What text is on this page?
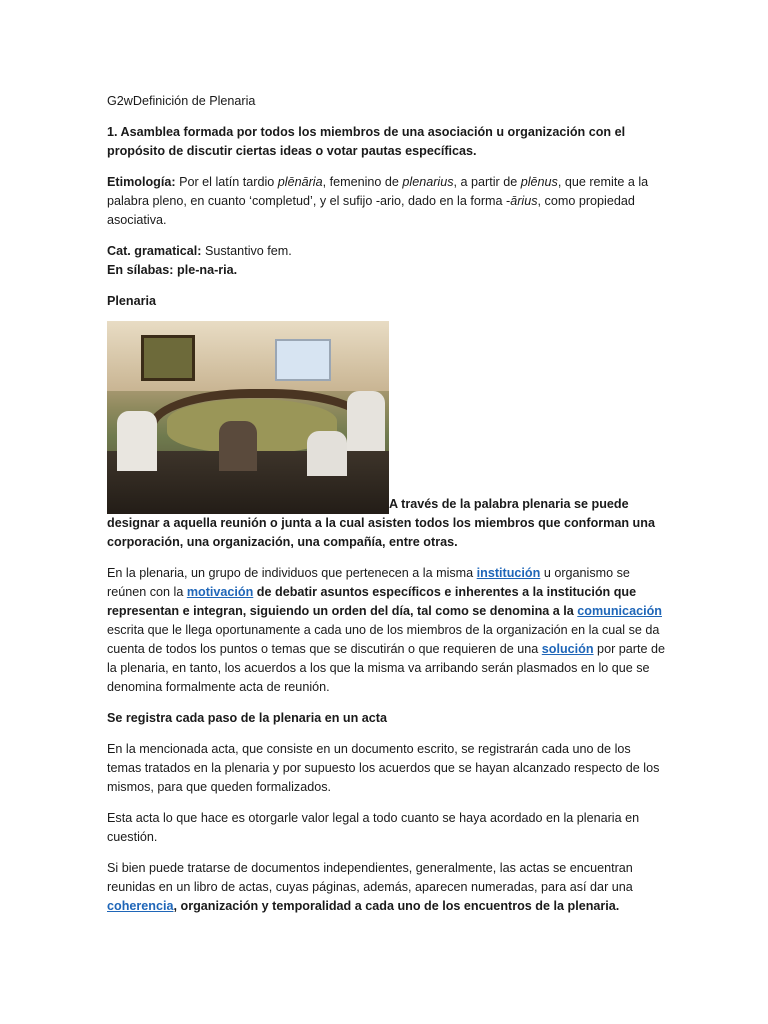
G2wDefinición de Plenaria

1. Asamblea formada por todos los miembros de una asociación u organización con el propósito de discutir ciertas ideas o votar pautas específicas.

Etimología: Por el latín tardio plēnāria, femenino de plenarius, a partir de plēnus, que remite a la palabra pleno, en cuanto ‘completud’, y el sufijo -ario, dado en la forma -ārius, como propiedad asociativa.

Cat. gramatical: Sustantivo fem.
En sílabas: ple-na-ria.

Plenaria

A través de la palabra plenaria se puede designar a aquella reunión o junta a la cual asisten todos los miembros que conforman una corporación, una organización, una compañía, entre otras.

En la plenaria, un grupo de individuos que pertenecen a la misma institución u organismo se reúnen con la motivación de debatir asuntos específicos e inherentes a la institución que representan e integran, siguiendo un orden del día, tal como se denomina a la comunicación escrita que le llega oportunamente a cada uno de los miembros de la organización en la cual se da cuenta de todos los puntos o temas que se discutirán o que requieren de una solución por parte de la plenaria, en tanto, los acuerdos a los que la misma va arribando serán plasmados en lo que se denomina formalmente acta de reunión.

Se registra cada paso de la plenaria en un acta

En la mencionada acta, que consiste en un documento escrito, se registrarán cada uno de los temas tratados en la plenaria y por supuesto los acuerdos que se hayan alcanzado respecto de los mismos, para que queden formalizados.

Esta acta lo que hace es otorgarle valor legal a todo cuanto se haya acordado en la plenaria en cuestión.

Si bien puede tratarse de documentos independientes, generalmente, las actas se encuentran reunidas en un libro de actas, cuyas páginas, además, aparecen numeradas, para así dar una coherencia, organización y temporalidad a cada uno de los encuentros de la plenaria.
